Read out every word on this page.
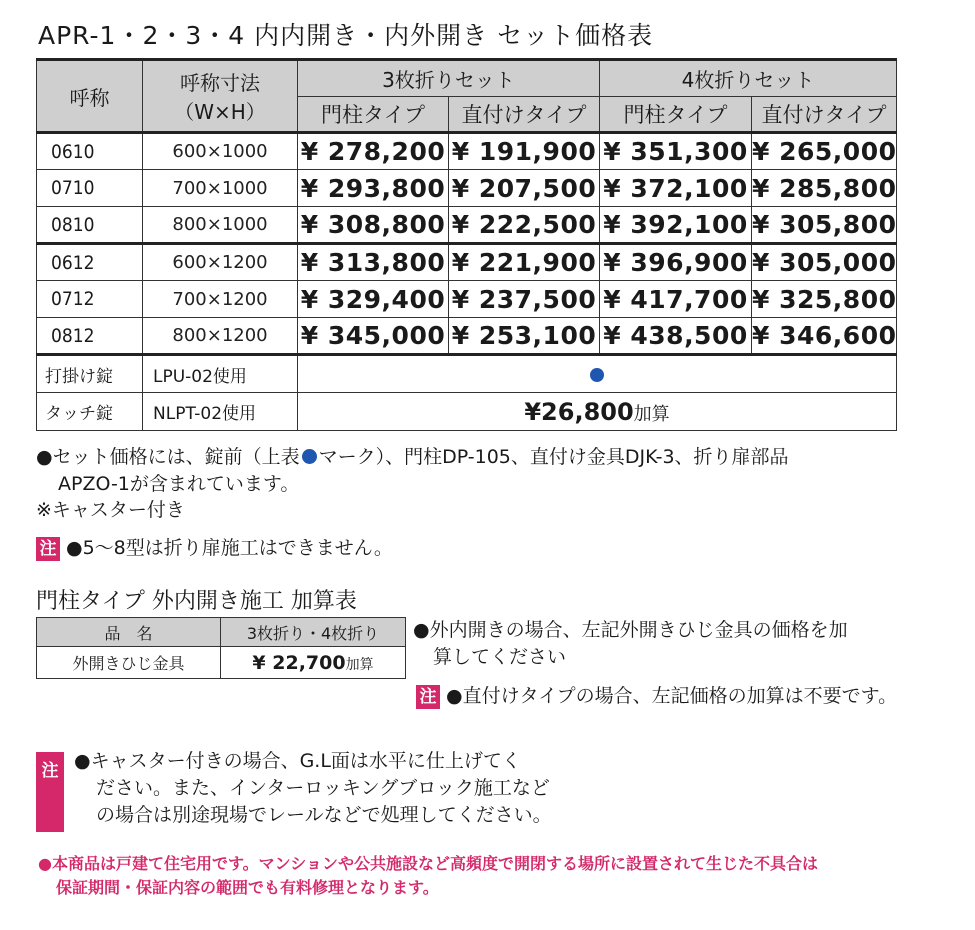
APR-1・2・3・4 内内開き・内外開き セット価格表
呼称	呼称寸法
（W×H）	3枚折りセット		4枚折りセット	
		門柱タイプ	直付けタイプ	門柱タイプ	直付けタイプ
0610	600×1000	¥ 278,200	¥ 191,900	¥ 351,300	¥ 265,000
0710	700×1000	¥ 293,800	¥ 207,500	¥ 372,100	¥ 285,800
0810	800×1000	¥ 308,800	¥ 222,500	¥ 392,100	¥ 305,800
0612	600×1200	¥ 313,800	¥ 221,900	¥ 396,900	¥ 305,000
0712	700×1200	¥ 329,400	¥ 237,500	¥ 417,700	¥ 325,800
0812	800×1200	¥ 345,000	¥ 253,100	¥ 438,500	¥ 346,600
打掛け錠	LPU-02使用				
タッチ錠	NLPT-02使用	¥26,800加算			
●セット価格には、錠前（上表 マーク）、門柱DP-105、直付け金具DJK-3、折り扉部品
APZO-1が含まれています。
※キャスター付き
注 ●5～8型は折り扉施工はできません。
門柱タイプ 外内開き施工 加算表
品　名	3枚折り・4枚折り
外開きひじ金具	¥ 22,700加算
●外内開きの場合、左記外開きひじ金具の価格を加
算してください
注 ●直付けタイプの場合、左記価格の加算は不要です。
注 ●キャスター付きの場合、G.L面は水平に仕上げてく
ださい。また、インターロッキングブロック施工など
の場合は別途現場でレールなどで処理してください。
●本商品は戸建て住宅用です。マンションや公共施設など高頻度で開閉する場所に設置されて生じた不具合は
保証期間・保証内容の範囲でも有料修理となります。
